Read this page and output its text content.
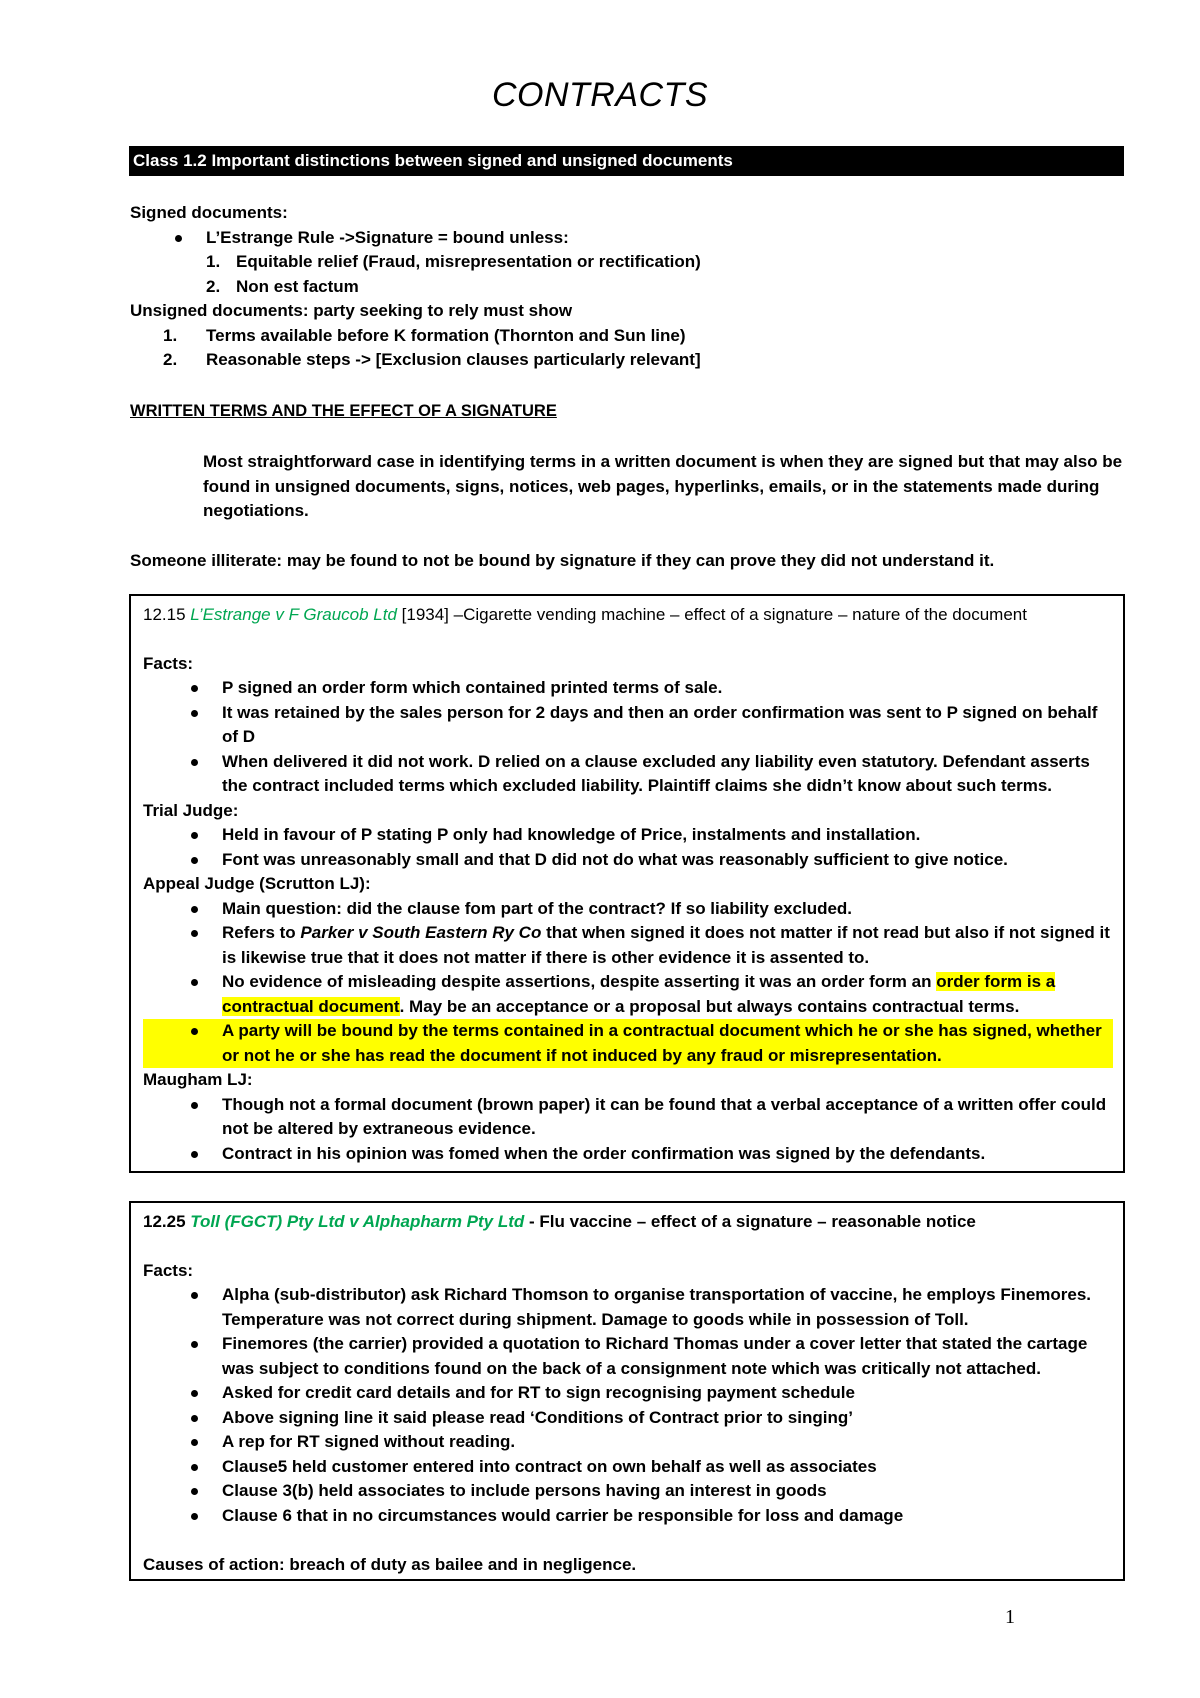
CONTRACTS
Class 1.2 Important distinctions between signed and unsigned documents
Signed documents:
L’Estrange Rule ->Signature = bound unless:
1. Equitable relief (Fraud, misrepresentation or rectification)
2. Non est factum
Unsigned documents: party seeking to rely must show
1. Terms available before K formation (Thornton and Sun line)
2. Reasonable steps -> [Exclusion clauses particularly relevant]
WRITTEN TERMS AND THE EFFECT OF A SIGNATURE
Most straightforward case in identifying terms in a written document is when they are signed but that may also be found in unsigned documents, signs, notices, web pages, hyperlinks, emails, or in the statements made during negotiations.
Someone illiterate: may be found to not be bound by signature if they can prove they did not understand it.
12.15 L’Estrange v F Graucob Ltd [1934] –Cigarette vending machine – effect of a signature – nature of the document
Facts:
P signed an order form which contained printed terms of sale.
It was retained by the sales person for 2 days and then an order confirmation was sent to P signed on behalf of D
When delivered it did not work. D relied on a clause excluded any liability even statutory. Defendant asserts the contract included terms which excluded liability. Plaintiff claims she didn’t know about such terms.
Trial Judge:
Held in favour of P stating P only had knowledge of Price, instalments and installation.
Font was unreasonably small and that D did not do what was reasonably sufficient to give notice.
Appeal Judge (Scrutton LJ):
Main question: did the clause fom part of the contract? If so liability excluded.
Refers to Parker v South Eastern Ry Co that when signed it does not matter if not read but also if not signed it is likewise true that it does not matter if there is other evidence it is assented to.
No evidence of misleading despite assertions, despite asserting it was an order form an order form is a contractual document. May be an acceptance or a proposal but always contains contractual terms.
A party will be bound by the terms contained in a contractual document which he or she has signed, whether or not he or she has read the document if not induced by any fraud or misrepresentation.
Maugham LJ:
Though not a formal document (brown paper) it can be found that a verbal acceptance of a written offer could not be altered by extraneous evidence.
Contract in his opinion was fomed when the order confirmation was signed by the defendants.
12.25 Toll (FGCT) Pty Ltd v Alphapharm Pty Ltd - Flu vaccine – effect of a signature – reasonable notice
Facts:
Alpha (sub-distributor) ask Richard Thomson to organise transportation of vaccine, he employs Finemores. Temperature was not correct during shipment. Damage to goods while in possession of Toll.
Finemores (the carrier) provided a quotation to Richard Thomas under a cover letter that stated the cartage was subject to conditions found on the back of a consignment note which was critically not attached.
Asked for credit card details and for RT to sign recognising payment schedule
Above signing line it said please read ‘Conditions of Contract prior to singing’
A rep for RT signed without reading.
Clause5 held customer entered into contract on own behalf as well as associates
Clause 3(b) held associates to include persons having an interest in goods
Clause 6 that in no circumstances would carrier be responsible for loss and damage
Causes of action: breach of duty as bailee and in negligence.
1
